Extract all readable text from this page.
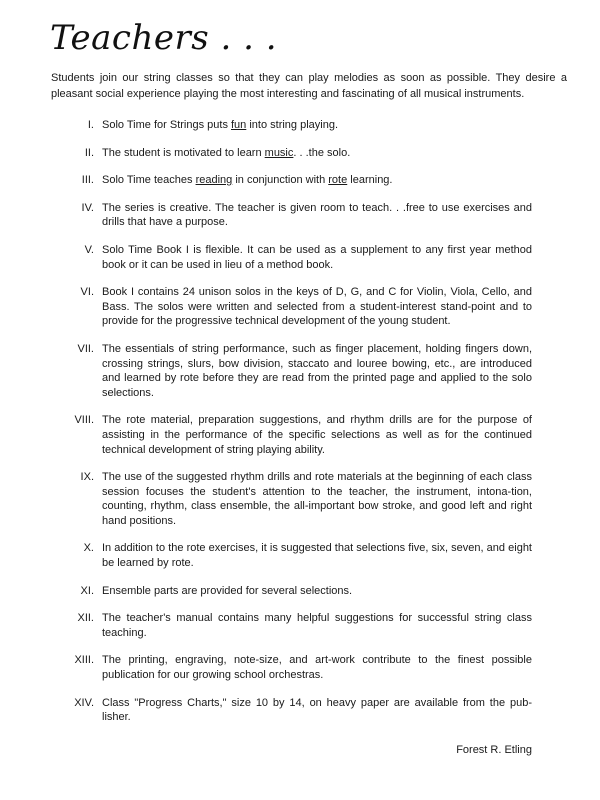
Teachers . . .
Students join our string classes so that they can play melodies as soon as possible. They desire a pleasant social experience playing the most interesting and fascinating of all musical instruments.
I. Solo Time for Strings puts fun into string playing.
II. The student is motivated to learn music. . .the solo.
III. Solo Time teaches reading in conjunction with rote learning.
IV. The series is creative. The teacher is given room to teach. . .free to use exercises and drills that have a purpose.
V. Solo Time Book I is flexible. It can be used as a supplement to any first year method book or it can be used in lieu of a method book.
VI. Book I contains 24 unison solos in the keys of D, G, and C for Violin, Viola, Cello, and Bass. The solos were written and selected from a student-interest stand-point and to provide for the progressive technical development of the young student.
VII. The essentials of string performance, such as finger placement, holding fingers down, crossing strings, slurs, bow division, staccato and louree bowing, etc., are introduced and learned by rote before they are read from the printed page and applied to the solo selections.
VIII. The rote material, preparation suggestions, and rhythm drills are for the purpose of assisting in the performance of the specific selections as well as for the continued technical development of string playing ability.
IX. The use of the suggested rhythm drills and rote materials at the beginning of each class session focuses the student's attention to the teacher, the instrument, intona-tion, counting, rhythm, class ensemble, the all-important bow stroke, and good left and right hand positions.
X. In addition to the rote exercises, it is suggested that selections five, six, seven, and eight be learned by rote.
XI. Ensemble parts are provided for several selections.
XII. The teacher's manual contains many helpful suggestions for successful string class teaching.
XIII. The printing, engraving, note-size, and art-work contribute to the finest possible publication for our growing school orchestras.
XIV. Class "Progress Charts," size 10 by 14, on heavy paper are available from the pub-lisher.
Forest R. Etling
